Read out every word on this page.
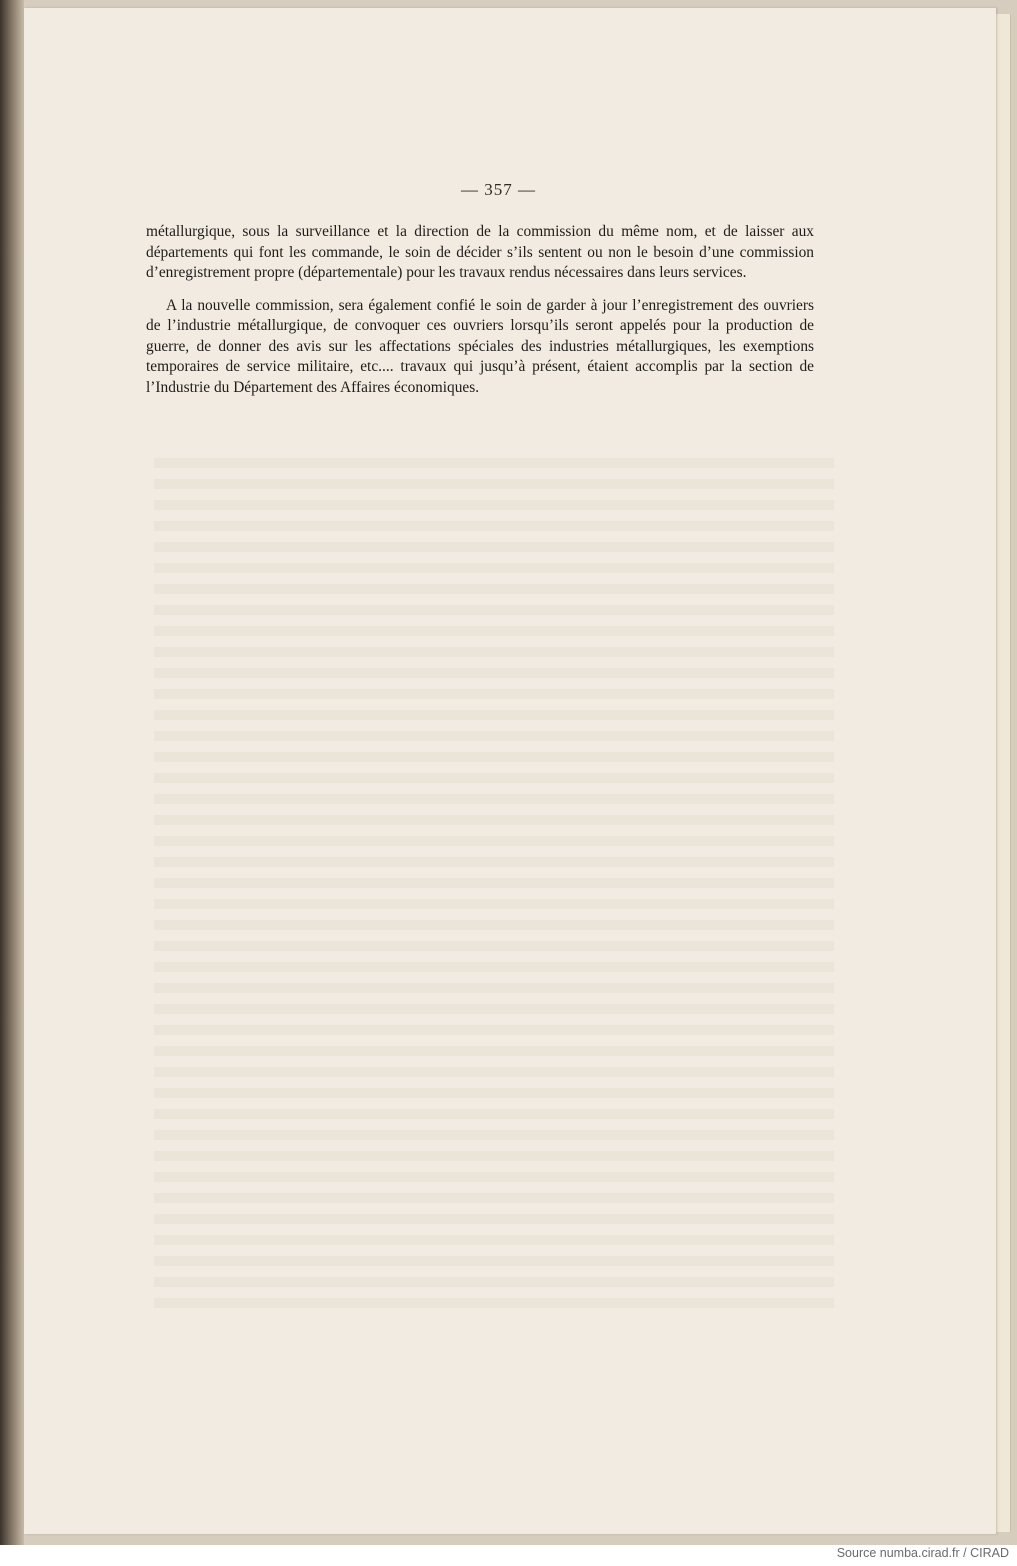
— 357 —

métallurgique, sous la surveillance et la direction de la commission du même nom, et de laisser aux départements qui font les commande, le soin de décider s’ils sentent ou non le besoin d’une commission d’enregistrement propre (départementale) pour les travaux rendus nécessaires dans leurs services.

A la nouvelle commission, sera également confié le soin de garder à jour l’enregistrement des ouvriers de l’industrie métallurgique, de convoquer ces ouvriers lorsqu’ils seront appelés pour la production de guerre, de donner des avis sur les affectations spéciales des industries métallurgiques, les exemptions temporaires de service militaire, etc.... travaux qui jusqu’à présent, étaient accomplis par la section de l’Industrie du Département des Affaires économiques.

Source numba.cirad.fr / CIRAD
